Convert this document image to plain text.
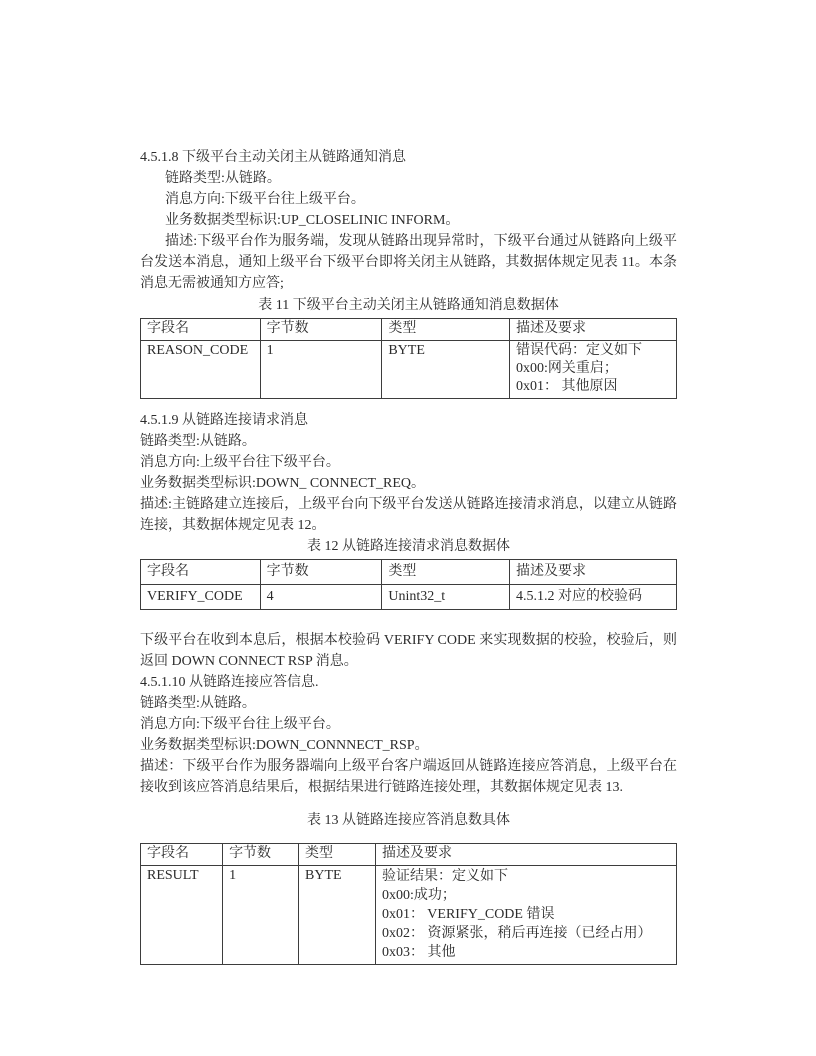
4.5.1.8 下级平台主动关闭主从链路通知消息

链路类型:从链路。

消息方向:下级平台往上级平台。

业务数据类型标识:UP_CLOSELINIC INFORM。

描述:下级平台作为服务端，发现从链路出现异常时，下级平台通过从链路向上级平台发送本消息，通知上级平台下级平台即将关闭主从链路，其数据体规定见表 11。本条消息无需被通知方应答;

表 11 下级平台主动关闭主从链路通知消息数据体

字段名	字节数	类型	描述及要求
REASON_CODE	1	BYTE	错误代码：定义如下
0x00:网关重启；
0x01： 其他原因

4.5.1.9 从链路连接请求消息

链路类型:从链路。

消息方向:上级平台往下级平台。

业务数据类型标识:DOWN_ CONNECT_REQ。

描述:主链路建立连接后，上级平台向下级平台发送从链路连接清求消息，以建立从链路连接，其数据体规定见表 12。

表 12 从链路连接清求消息数据体

字段名	字节数	类型	描述及要求
VERIFY_CODE	4	Unint32_t	4.5.1.2 对应的校验码

下级平台在收到本息后，根据本校验码 VERIFY CODE 来实现数据的校验，校验后，则返回 DOWN CONNECT RSP 消息。

4.5.1.10 从链路连接应答信息.

链路类型:从链路。

消息方向:下级平台往上级平台。

业务数据类型标识:DOWN_CONNNECT_RSP。

描述：下级平台作为服务器端向上级平台客户端返回从链路连接应答消息，上级平台在接收到该应答消息结果后，根据结果进行链路连接处理，其数据体规定见表 13.

表 13 从链路连接应答消息数具体

字段名	字节数	类型	描述及要求
RESULT	1	BYTE	验证结果：定义如下
0x00:成功；
0x01： VERIFY_CODE 错误
0x02： 资源紧张，稍后再连接（已经占用）
0x03： 其他
